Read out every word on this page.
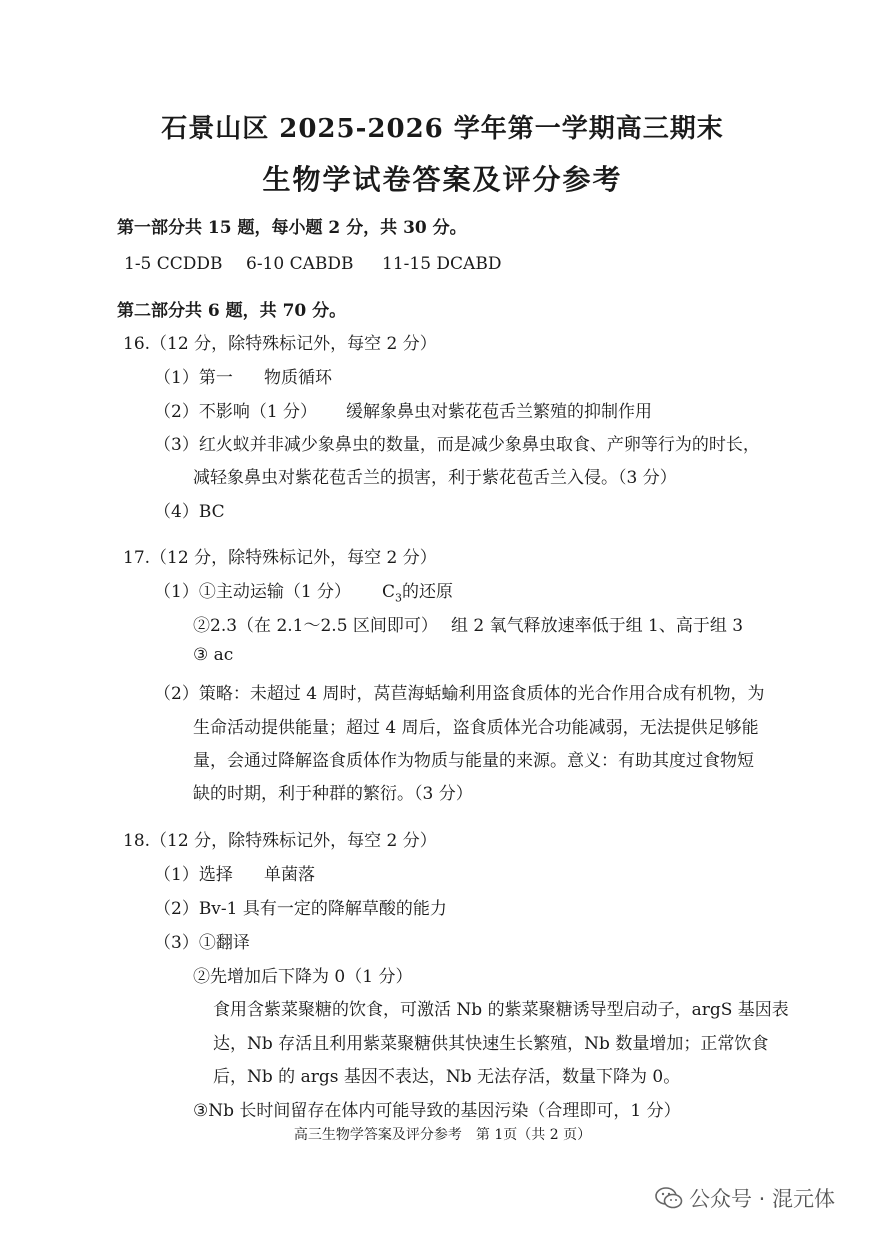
石景山区 2025-2026 学年第一学期高三期末
生物学试卷答案及评分参考
第一部分共 15 题，每小题 2 分，共 30 分。
1-5 CCDDB 6-10 CABDB 11-15 DCABD
第二部分共 6 题，共 70 分。
16.（12 分，除特殊标记外，每空 2 分）
（1）第一 物质循环
（2）不影响（1 分） 缓解象鼻虫对紫花苞舌兰繁殖的抑制作用
（3）红火蚁并非减少象鼻虫的数量，而是减少象鼻虫取食、产卵等行为的时长，
减轻象鼻虫对紫花苞舌兰的损害，利于紫花苞舌兰入侵。（3 分）
（4）BC
17.（12 分，除特殊标记外，每空 2 分）
（1）①主动运输（1 分） $C_3$的还原
②2.3（在 2.1～2.5 区间即可） 组 2 氧气释放速率低于组 1、高于组 3
③ ac
（2）策略：未超过 4 周时，莴苣海蛞蝓利用盗食质体的光合作用合成有机物，为
生命活动提供能量；超过 4 周后，盗食质体光合功能减弱，无法提供足够能
量，会通过降解盗食质体作为物质与能量的来源。意义：有助其度过食物短
缺的时期，利于种群的繁衍。（3 分）
18.（12 分，除特殊标记外，每空 2 分）
（1）选择 单菌落
（2）Bv-1 具有一定的降解草酸的能力
（3）①翻译
②先增加后下降为 0（1 分）
食用含紫菜聚糖的饮食，可激活 Nb 的紫菜聚糖诱导型启动子，argS 基因表
达，Nb 存活且利用紫菜聚糖供其快速生长繁殖，Nb 数量增加；正常饮食
后，Nb 的 args 基因不表达，Nb 无法存活，数量下降为 0。
③Nb 长时间留存在体内可能导致的基因污染（合理即可，1 分）
高三生物学答案及评分参考　第 1页（共 2 页）
公众号 · 混元体
